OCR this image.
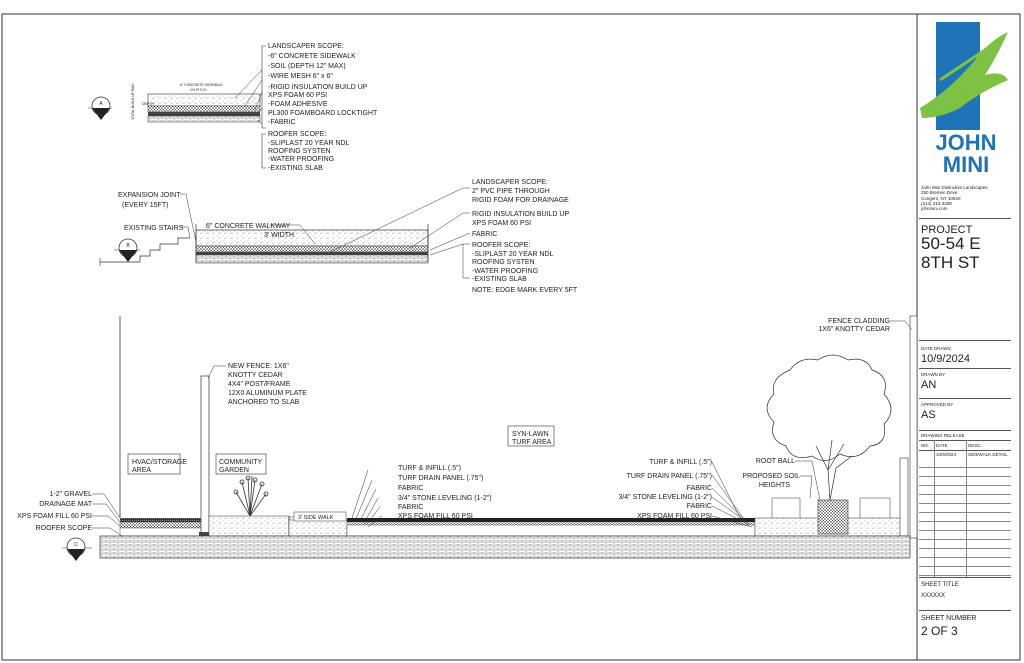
A
SECTION
6" CONCRETE SIDEWALK
1% PITCH
TOTAL BUILD UP MAX DEPTH
LANDSCAPER SCOPE:
-6" CONCRETE SIDEWALK
-SOIL (DEPTH 12" MAX)
-WIRE MESH 6" x 6"
-RIGID INSULATION BUILD UP
XPS FOAM 60 PSI
-FOAM ADHESIVE
PL300 FOAMBOARD LOCKTIGHT
-FABRIC
ROOFER SCOPE:
-SLIPLAST 20 YEAR NDL
ROOFING SYSTEN
-WATER PROOFING
-EXISTING SLAB
B
SECTION
EXPANSION JOINT
(EVERY 15FT)
EXISTING STAIRS	6" CONCRETE WALKWAY
3' WIDTH
LANDSCAPER SCOPE:
2" PVC PIPE THROUGH
RIGID FOAM FOR DRAINAGE
RIGID INSULATION BUILD UP
XPS FOAM 60 PSI
FABRIC
ROOFER SCOPE:
-SLIPLAST 20 YEAR NDL
ROOFING SYSTEN
-WATER PROOFING
-EXISTING SLAB
NOTE: EDGE MARK EVERY 5FT
C
SECTION
1-2" GRAVEL
DRAINAGE MAT
XPS FOAM FILL 60 PSI
ROOFER SCOPE
NEW FENCE: 1X6"
KNOTTY CEDAR
4X4" POST/FRAME
12X0 ALUMINUM PLATE
ANCHORED TO SLAB
HVAC/STORAGE
AREA
COMMUNITY
GARDEN
SYN-LAWN
TURF AREA
3' SIDE WALK
TURF & INFILL (.5")
TURF DRAIN PANEL (.75")
FABRIC
3/4" STONE LEVELING (1-2")
FABRIC
XPS FOAM FILL 60 PSI
TURF & INFILL (.5")
TURF DRAIN PANEL (.75")
FABRIC
3/4" STONE LEVELING (1-2")
FABRIC
XPS FOAM FILL 60 PSI
FENCE CLADDING
1X6" KNOTTY CEDAR
ROOT BALL
PROPOSED SOIL
HEIGHTS
JOHN
MINI
John Mini Distinctive Landscapes
250 Bremen Drive
Congers, NY 10920
(212) 213-3208
johnmini.com
PROJECT
50-54 E
8TH ST
DATE DRAWN
10/9/2024
DRAWN BY
AN
APPROVED BY
AS
DRAWING RELEASE
NO. DATE	DESC.
10/9/2024	SIDEWALK DETAIL
SHEET TITLE
XXXXXX
SHEET NUMBER
2 OF 3
